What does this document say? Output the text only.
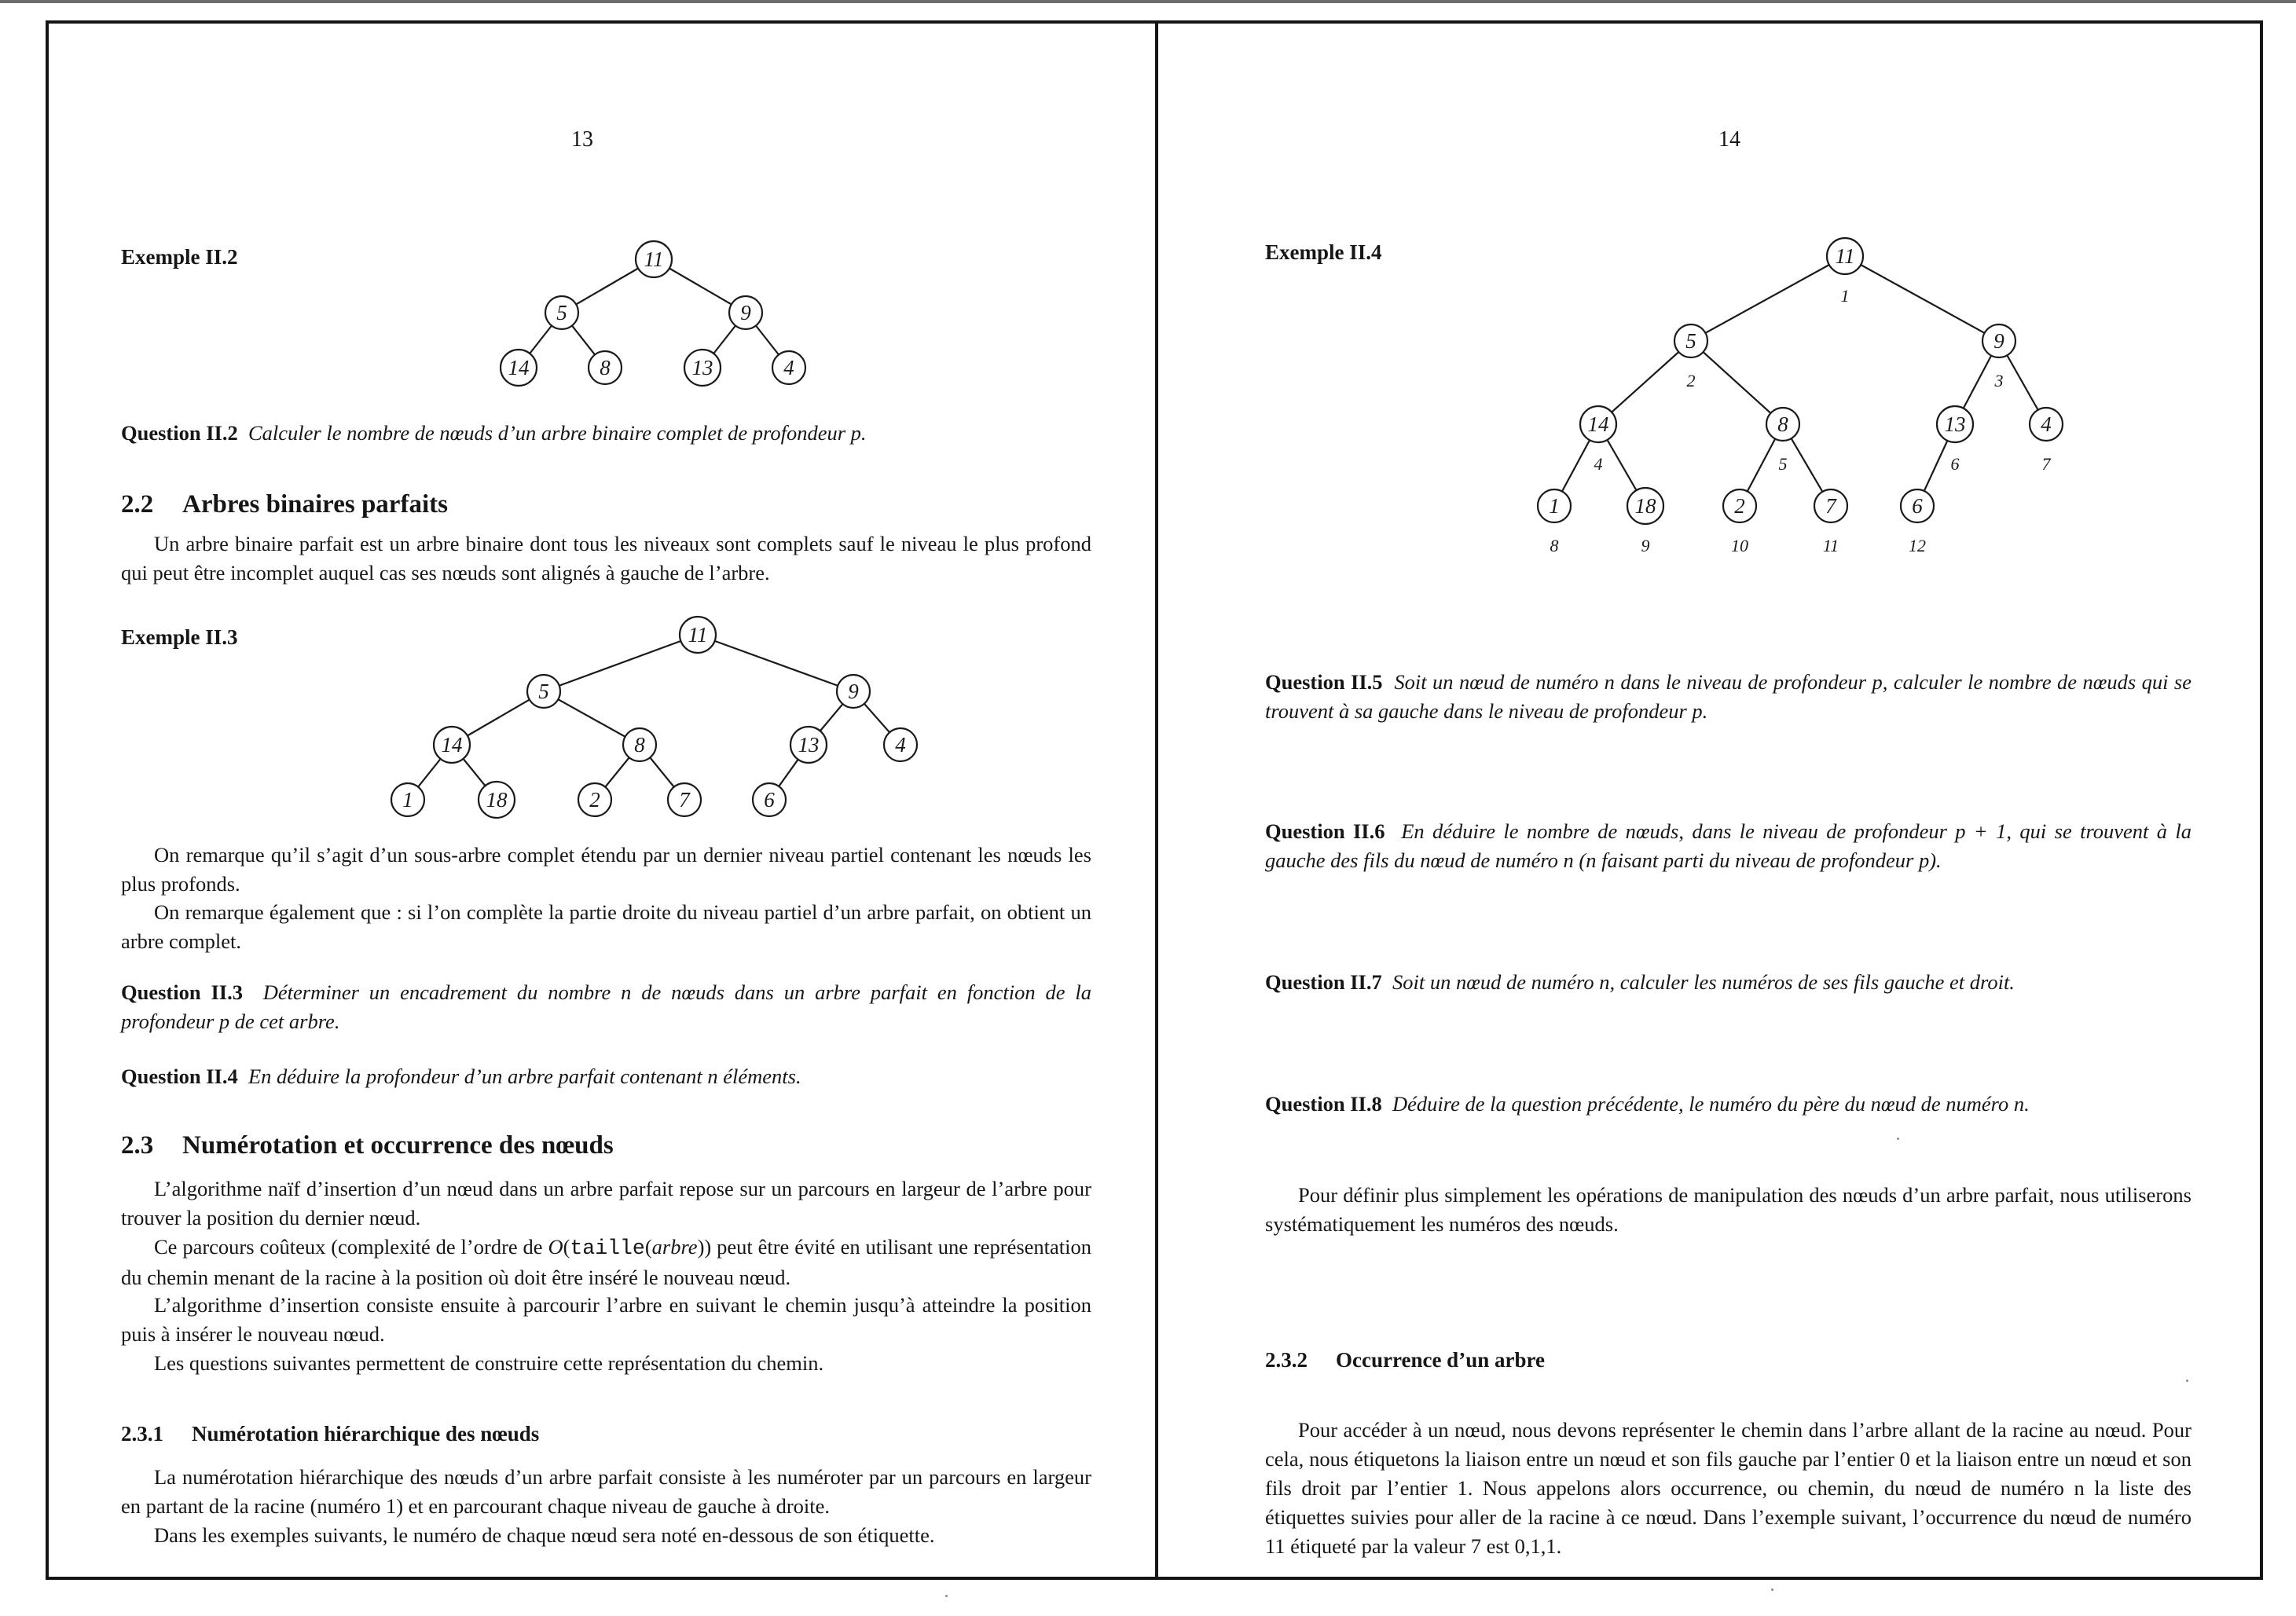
13
Exemple II.2	11
5	9
14	8	13	4

Question II.2 Calculer le nombre de nœuds d’un arbre binaire complet de profondeur p.

2.2 Arbres binaires parfaits

Un arbre binaire parfait est un arbre binaire dont tous les niveaux sont complets sauf le niveau le plus profond qui peut être incomplet auquel cas ses nœuds sont alignés à gauche de l’arbre.

Exemple II.3	11
5	9
14	8	13	4
1	18	2	7	6

On remarque qu’il s’agit d’un sous-arbre complet étendu par un dernier niveau partiel contenant les nœuds les plus profonds.

On remarque également que : si l’on complète la partie droite du niveau partiel d’un arbre parfait, on obtient un arbre complet.

Question II.3 Déterminer un encadrement du nombre n de nœuds dans un arbre parfait en fonction de la profondeur p de cet arbre.

Question II.4 En déduire la profondeur d’un arbre parfait contenant n éléments.

2.3 Numérotation et occurrence des nœuds

L’algorithme naïf d’insertion d’un nœud dans un arbre parfait repose sur un parcours en largeur de l’arbre pour trouver la position du dernier nœud.

Ce parcours coûteux (complexité de l’ordre de O(taille(arbre)) peut être évité en utilisant une représentation du chemin menant de la racine à la position où doit être inséré le nouveau nœud.

L’algorithme d’insertion consiste ensuite à parcourir l’arbre en suivant le chemin jusqu’à atteindre la position puis à insérer le nouveau nœud.

Les questions suivantes permettent de construire cette représentation du chemin.

2.3.1 Numérotation hiérarchique des nœuds

La numérotation hiérarchique des nœuds d’un arbre parfait consiste à les numéroter par un parcours en largeur en partant de la racine (numéro 1) et en parcourant chaque niveau de gauche à droite.

Dans les exemples suivants, le numéro de chaque nœud sera noté en-dessous de son étiquette.

14
Exemple II.4	11
5	9
14	8	13	4
1	18	2	7	6
1
2	3
4	5	6	7
8	9	10	11	12

Question II.5 Soit un nœud de numéro n dans le niveau de profondeur p, calculer le nombre de nœuds qui se trouvent à sa gauche dans le niveau de profondeur p.

Question II.6 En déduire le nombre de nœuds, dans le niveau de profondeur p + 1, qui se trouvent à la gauche des fils du nœud de numéro n (n faisant parti du niveau de profondeur p).

Question II.7 Soit un nœud de numéro n, calculer les numéros de ses fils gauche et droit.

Question II.8 Déduire de la question précédente, le numéro du père du nœud de numéro n.

Pour définir plus simplement les opérations de manipulation des nœuds d’un arbre parfait, nous utiliserons systématiquement les numéros des nœuds.

2.3.2 Occurrence d’un arbre

Pour accéder à un nœud, nous devons représenter le chemin dans l’arbre allant de la racine au nœud. Pour cela, nous étiquetons la liaison entre un nœud et son fils gauche par l’entier 0 et la liaison entre un nœud et son fils droit par l’entier 1. Nous appelons alors occurrence, ou chemin, du nœud de numéro n la liste des étiquettes suivies pour aller de la racine à ce nœud. Dans l’exemple suivant, l’occurrence du nœud de numéro 11 étiqueté par la valeur 7 est 0,1,1.
